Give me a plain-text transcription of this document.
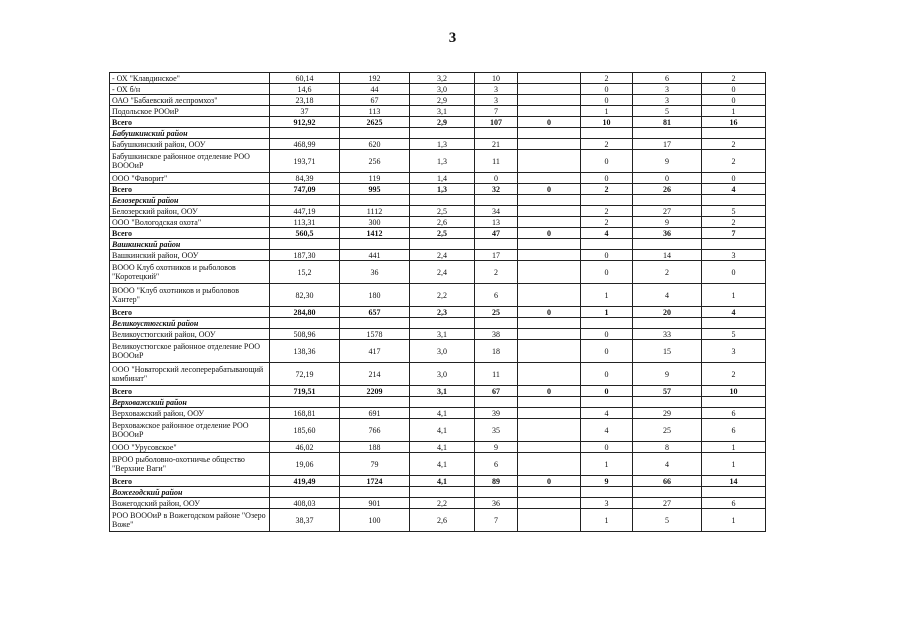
3
- ОХ "Клавдинское"	60,14	192	3,2	10		2	6	2
- ОХ б/н	14,6	44	3,0	3		0	3	0
ОАО "Бабаевский леспромхоз"	23,18	67	2,9	3		0	3	0
Подольское РООиР	37	113	3,1	7		1	5	1
Всего	912,92	2625	2,9	107	0	10	81	16
Бабушкинский район								
Бабушкинский район, ООУ	468,99	620	1,3	21		2	17	2
Бабушкинское районное отделение РОО ВОООиР	193,71	256	1,3	11		0	9	2
ООО "Фаворит"	84,39	119	1,4	0		0	0	0
Всего	747,09	995	1,3	32	0	2	26	4
Белозерский район								
Белозерский район, ООУ	447,19	1112	2,5	34		2	27	5
ООО "Вологодская охота"	113,31	300	2,6	13		2	9	2
Всего	560,5	1412	2,5	47	0	4	36	7
Вашкинский район								
Вашкинский район, ООУ	187,30	441	2,4	17		0	14	3
ВООО Клуб охотников и рыболовов "Коротецкий"	15,2	36	2,4	2		0	2	0
ВООО "Клуб охотников и рыболовов Хантер"	82,30	180	2,2	6		1	4	1
Всего	284,80	657	2,3	25	0	1	20	4
Великоустюгский район								
Великоустюгский район, ООУ	508,96	1578	3,1	38		0	33	5
Великоустюгское районное отделение РОО ВОООиР	138,36	417	3,0	18		0	15	3
ООО "Новаторский лесоперерабатывающий комбинат"	72,19	214	3,0	11		0	9	2
Всего	719,51	2209	3,1	67	0	0	57	10
Верховажский район								
Верховажский район, ООУ	168,81	691	4,1	39		4	29	6
Верховажское районное отделение РОО ВОООиР	185,60	766	4,1	35		4	25	6
ООО "Урусовское"	46,02	188	4,1	9		0	8	1
ВРОО рыболовно-охотничье общество "Верхние Ваги"	19,06	79	4,1	6		1	4	1
Всего	419,49	1724	4,1	89	0	9	66	14
Вожегодский район								
Вожегодский район, ООУ	408,03	901	2,2	36		3	27	6
РОО ВОООиР в Вожегодском районе "Озеро Воже"	38,37	100	2,6	7		1	5	1
